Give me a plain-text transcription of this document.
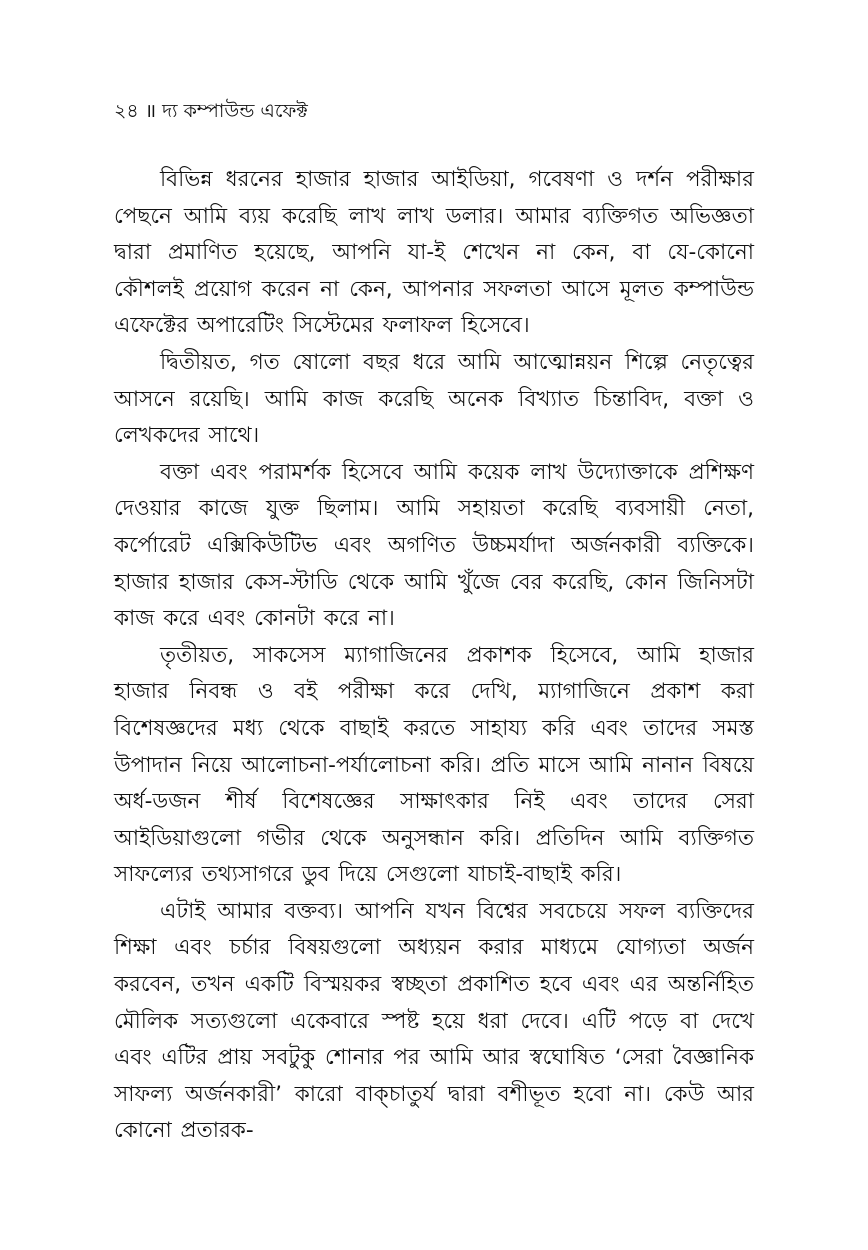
২৪ ॥ দ্য কম্পাউন্ড এফেক্ট

বিভিন্ন ধরনের হাজার হাজার আইডিয়া, গবেষণা ও দর্শন পরীক্ষার পেছনে আমি ব্যয় করেছি লাখ লাখ ডলার। আমার ব্যক্তিগত অভিজ্ঞতা দ্বারা প্রমাণিত হয়েছে, আপনি যা-ই শেখেন না কেন, বা যে-কোনো কৌশলই প্রয়োগ করেন না কেন, আপনার সফলতা আসে মূলত কম্পাউন্ড এফেক্টের অপারেটিং সিস্টেমের ফলাফল হিসেবে।

দ্বিতীয়ত, গত ষোলো বছর ধরে আমি আত্মোন্নয়ন শিল্পে নেতৃত্বের আসনে রয়েছি। আমি কাজ করেছি অনেক বিখ্যাত চিন্তাবিদ, বক্তা ও লেখকদের সাথে।

বক্তা এবং পরামর্শক হিসেবে আমি কয়েক লাখ উদ্যোক্তাকে প্রশিক্ষণ দেওয়ার কাজে যুক্ত ছিলাম। আমি সহায়তা করেছি ব্যবসায়ী নেতা, কর্পোরেট এক্সিকিউটিভ এবং অগণিত উচ্চমর্যাদা অর্জনকারী ব্যক্তিকে। হাজার হাজার কেস-স্টাডি থেকে আমি খুঁজে বের করেছি, কোন জিনিসটা কাজ করে এবং কোনটা করে না।

তৃতীয়ত, সাকসেস ম্যাগাজিনের প্রকাশক হিসেবে, আমি হাজার হাজার নিবন্ধ ও বই পরীক্ষা করে দেখি, ম্যাগাজিনে প্রকাশ করা বিশেষজ্ঞদের মধ্য থেকে বাছাই করতে সাহায্য করি এবং তাদের সমস্ত উপাদান নিয়ে আলোচনা-পর্যালোচনা করি। প্রতি মাসে আমি নানান বিষয়ে অর্ধ-ডজন শীর্ষ বিশেষজ্ঞের সাক্ষাৎকার নিই এবং তাদের সেরা আইডিয়াগুলো গভীর থেকে অনুসন্ধান করি। প্রতিদিন আমি ব্যক্তিগত সাফল্যের তথ্যসাগরে ডুব দিয়ে সেগুলো যাচাই-বাছাই করি।

এটাই আমার বক্তব্য। আপনি যখন বিশ্বের সবচেয়ে সফল ব্যক্তিদের শিক্ষা এবং চর্চার বিষয়গুলো অধ্যয়ন করার মাধ্যমে যোগ্যতা অর্জন করবেন, তখন একটি বিস্ময়কর স্বচ্ছতা প্রকাশিত হবে এবং এর অন্তর্নিহিত মৌলিক সত্যগুলো একেবারে স্পষ্ট হয়ে ধরা দেবে। এটি পড়ে বা দেখে এবং এটির প্রায় সবটুকু শোনার পর আমি আর স্বঘোষিত ‘সেরা বৈজ্ঞানিক সাফল্য অর্জনকারী’ কারো বাক্চাতুর্য দ্বারা বশীভূত হবো না। কেউ আর কোনো প্রতারক-
